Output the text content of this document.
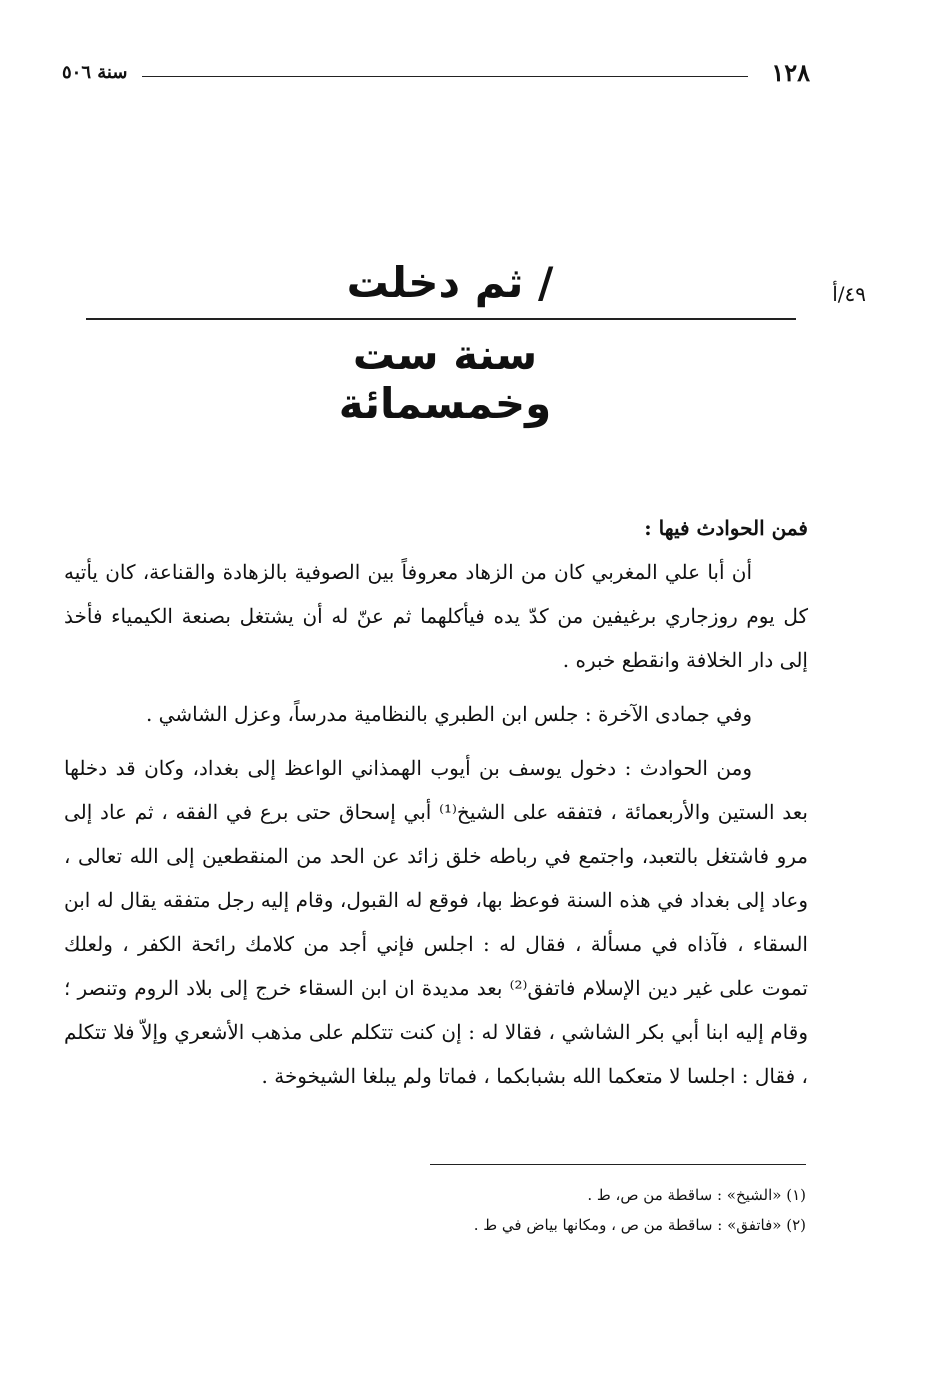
١٢٨
سنة ٥٠٦
٤٩/أ
/ ثم دخلت
سنة ست وخمسمائة
فمن الحوادث فيها :

أن أبا علي المغربي كان من الزهاد معروفاً بين الصوفية بالزهادة والقناعة، كان يأتيه كل يوم روزجاري برغيفين من كدّ يده فيأكلهما ثم عنّ له أن يشتغل بصنعة الكيمياء فأخذ إلى دار الخلافة وانقطع خبره .

وفي جمادى الآخرة : جلس ابن الطبري بالنظامية مدرساً، وعزل الشاشي .

ومن الحوادث : دخول يوسف بن أيوب الهمذاني الواعظ إلى بغداد، وكان قد دخلها بعد الستين والأربعمائة ، فتفقه على الشيخ⁽¹⁾ أبي إسحاق حتى برع في الفقه ، ثم عاد إلى مرو فاشتغل بالتعبد، واجتمع في رباطه خلق زائد عن الحد من المنقطعين إلى الله تعالى ، وعاد إلى بغداد في هذه السنة فوعظ بها، فوقع له القبول، وقام إليه رجل متفقه يقال له ابن السقاء ، فآذاه في مسألة ، فقال له : اجلس فإني أجد من كلامك رائحة الكفر ، ولعلك تموت على غير دين الإسلام فاتفق⁽²⁾ بعد مديدة ان ابن السقاء خرج إلى بلاد الروم وتنصر ؛ وقام إليه ابنا أبي بكر الشاشي ، فقالا له : إن كنت تتكلم على مذهب الأشعري وإلاّ فلا تتكلم ، فقال : اجلسا لا متعكما الله بشبابكما ، فماتا ولم يبلغا الشيخوخة .

(١) «الشيخ» : ساقطة من ص، ط .
(٢) «فاتفق» : ساقطة من ص ، ومكانها بياض في ط .
